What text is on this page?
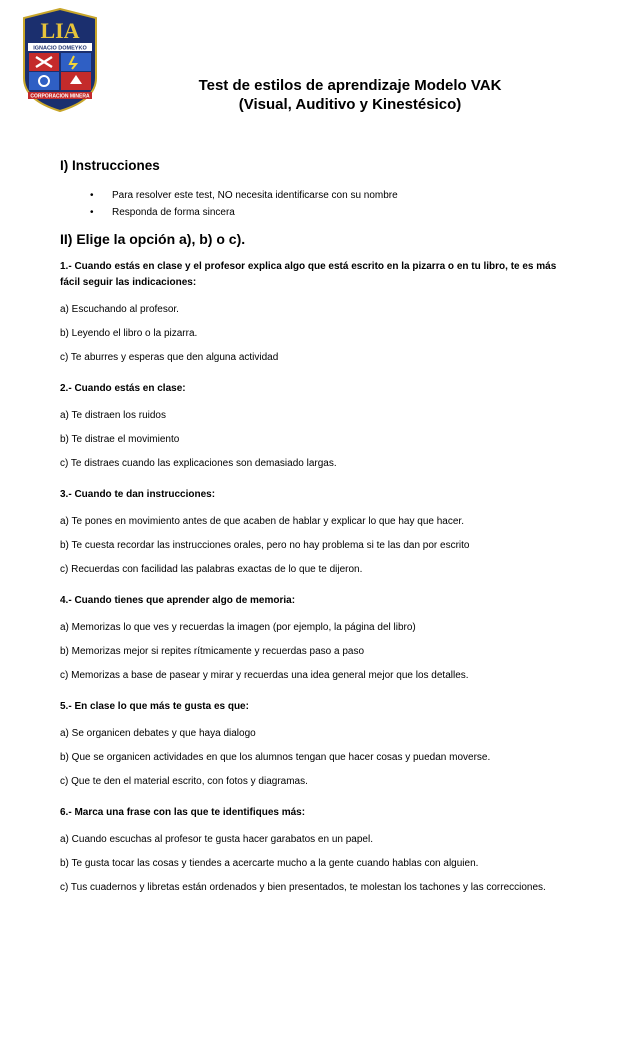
LIA
IGNACIO DOMEYKO
CORPORACION MINERA
Test de estilos de aprendizaje Modelo VAK
(Visual, Auditivo y Kinestésico)
I) Instrucciones
• Para resolver este test, NO necesita identificarse con su nombre
• Responda de forma sincera
II) Elige la opción a), b) o c).
1.- Cuando estás en clase y el profesor explica algo que está escrito en la pizarra o en tu libro, te es más fácil seguir las indicaciones:
a) Escuchando al profesor.
b) Leyendo el libro o la pizarra.
c) Te aburres y esperas que den alguna actividad
2.- Cuando estás en clase:
a) Te distraen los ruidos
b) Te distrae el movimiento
c) Te distraes cuando las explicaciones son demasiado largas.
3.- Cuando te dan instrucciones:
a) Te pones en movimiento antes de que acaben de hablar y explicar lo que hay que hacer.
b) Te cuesta recordar las instrucciones orales, pero no hay problema si te las dan por escrito
c) Recuerdas con facilidad las palabras exactas de lo que te dijeron.
4.- Cuando tienes que aprender algo de memoria:
a) Memorizas lo que ves y recuerdas la imagen (por ejemplo, la página del libro)
b) Memorizas mejor si repites rítmicamente y recuerdas paso a paso
c) Memorizas a base de pasear y mirar y recuerdas una idea general mejor que los detalles.
5.- En clase lo que más te gusta es que:
a) Se organicen debates y que haya dialogo
b) Que se organicen actividades en que los alumnos tengan que hacer cosas y puedan moverse.
c) Que te den el material escrito, con fotos y diagramas.
6.- Marca una frase con las que te identifiques más:
a) Cuando escuchas al profesor te gusta hacer garabatos en un papel.
b) Te gusta tocar las cosas y tiendes a acercarte mucho a la gente cuando hablas con alguien.
c) Tus cuadernos y libretas están ordenados y bien presentados, te molestan los tachones y las correcciones.
